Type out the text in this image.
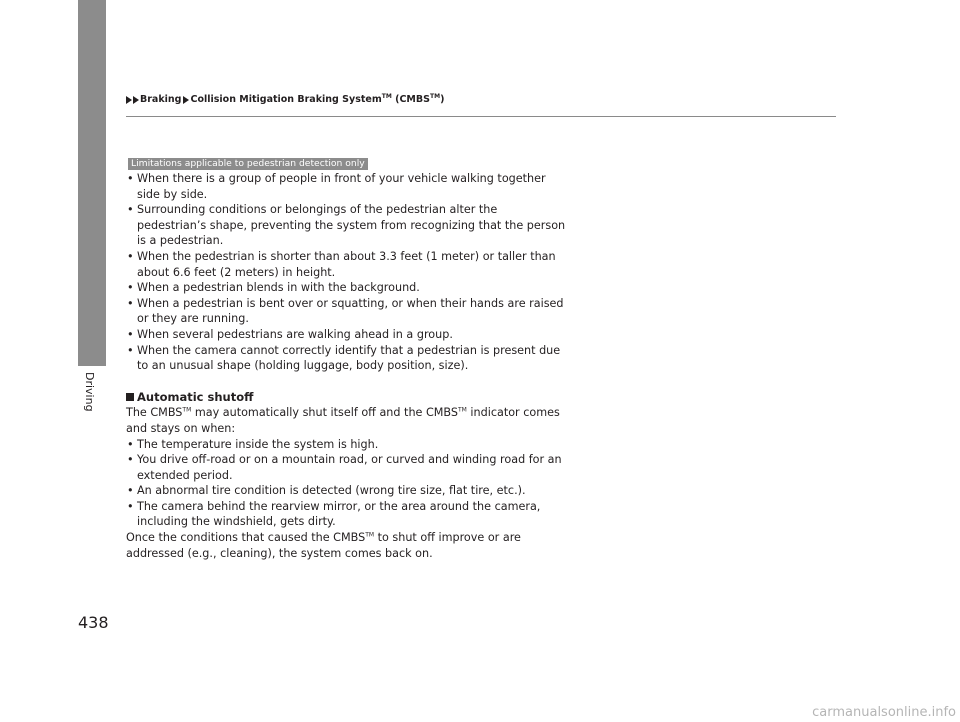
Driving
Braking Collision Mitigation Braking System™ (CMBS™)
Limitations applicable to pedestrian detection only
• When there is a group of people in front of your vehicle walking together side by side.
• Surrounding conditions or belongings of the pedestrian alter the pedestrian’s shape, preventing the system from recognizing that the person is a pedestrian.
• When the pedestrian is shorter than about 3.3 feet (1 meter) or taller than about 6.6 feet (2 meters) in height.
• When a pedestrian blends in with the background.
• When a pedestrian is bent over or squatting, or when their hands are raised or they are running.
• When several pedestrians are walking ahead in a group.
• When the camera cannot correctly identify that a pedestrian is present due to an unusual shape (holding luggage, body position, size).
Automatic shutoff
The CMBS™ may automatically shut itself off and the CMBS™ indicator comes and stays on when:
• The temperature inside the system is high.
• You drive off-road or on a mountain road, or curved and winding road for an extended period.
• An abnormal tire condition is detected (wrong tire size, flat tire, etc.).
• The camera behind the rearview mirror, or the area around the camera, including the windshield, gets dirty.
Once the conditions that caused the CMBS™ to shut off improve or are addressed (e.g., cleaning), the system comes back on.
438
carmanualsonline.info
